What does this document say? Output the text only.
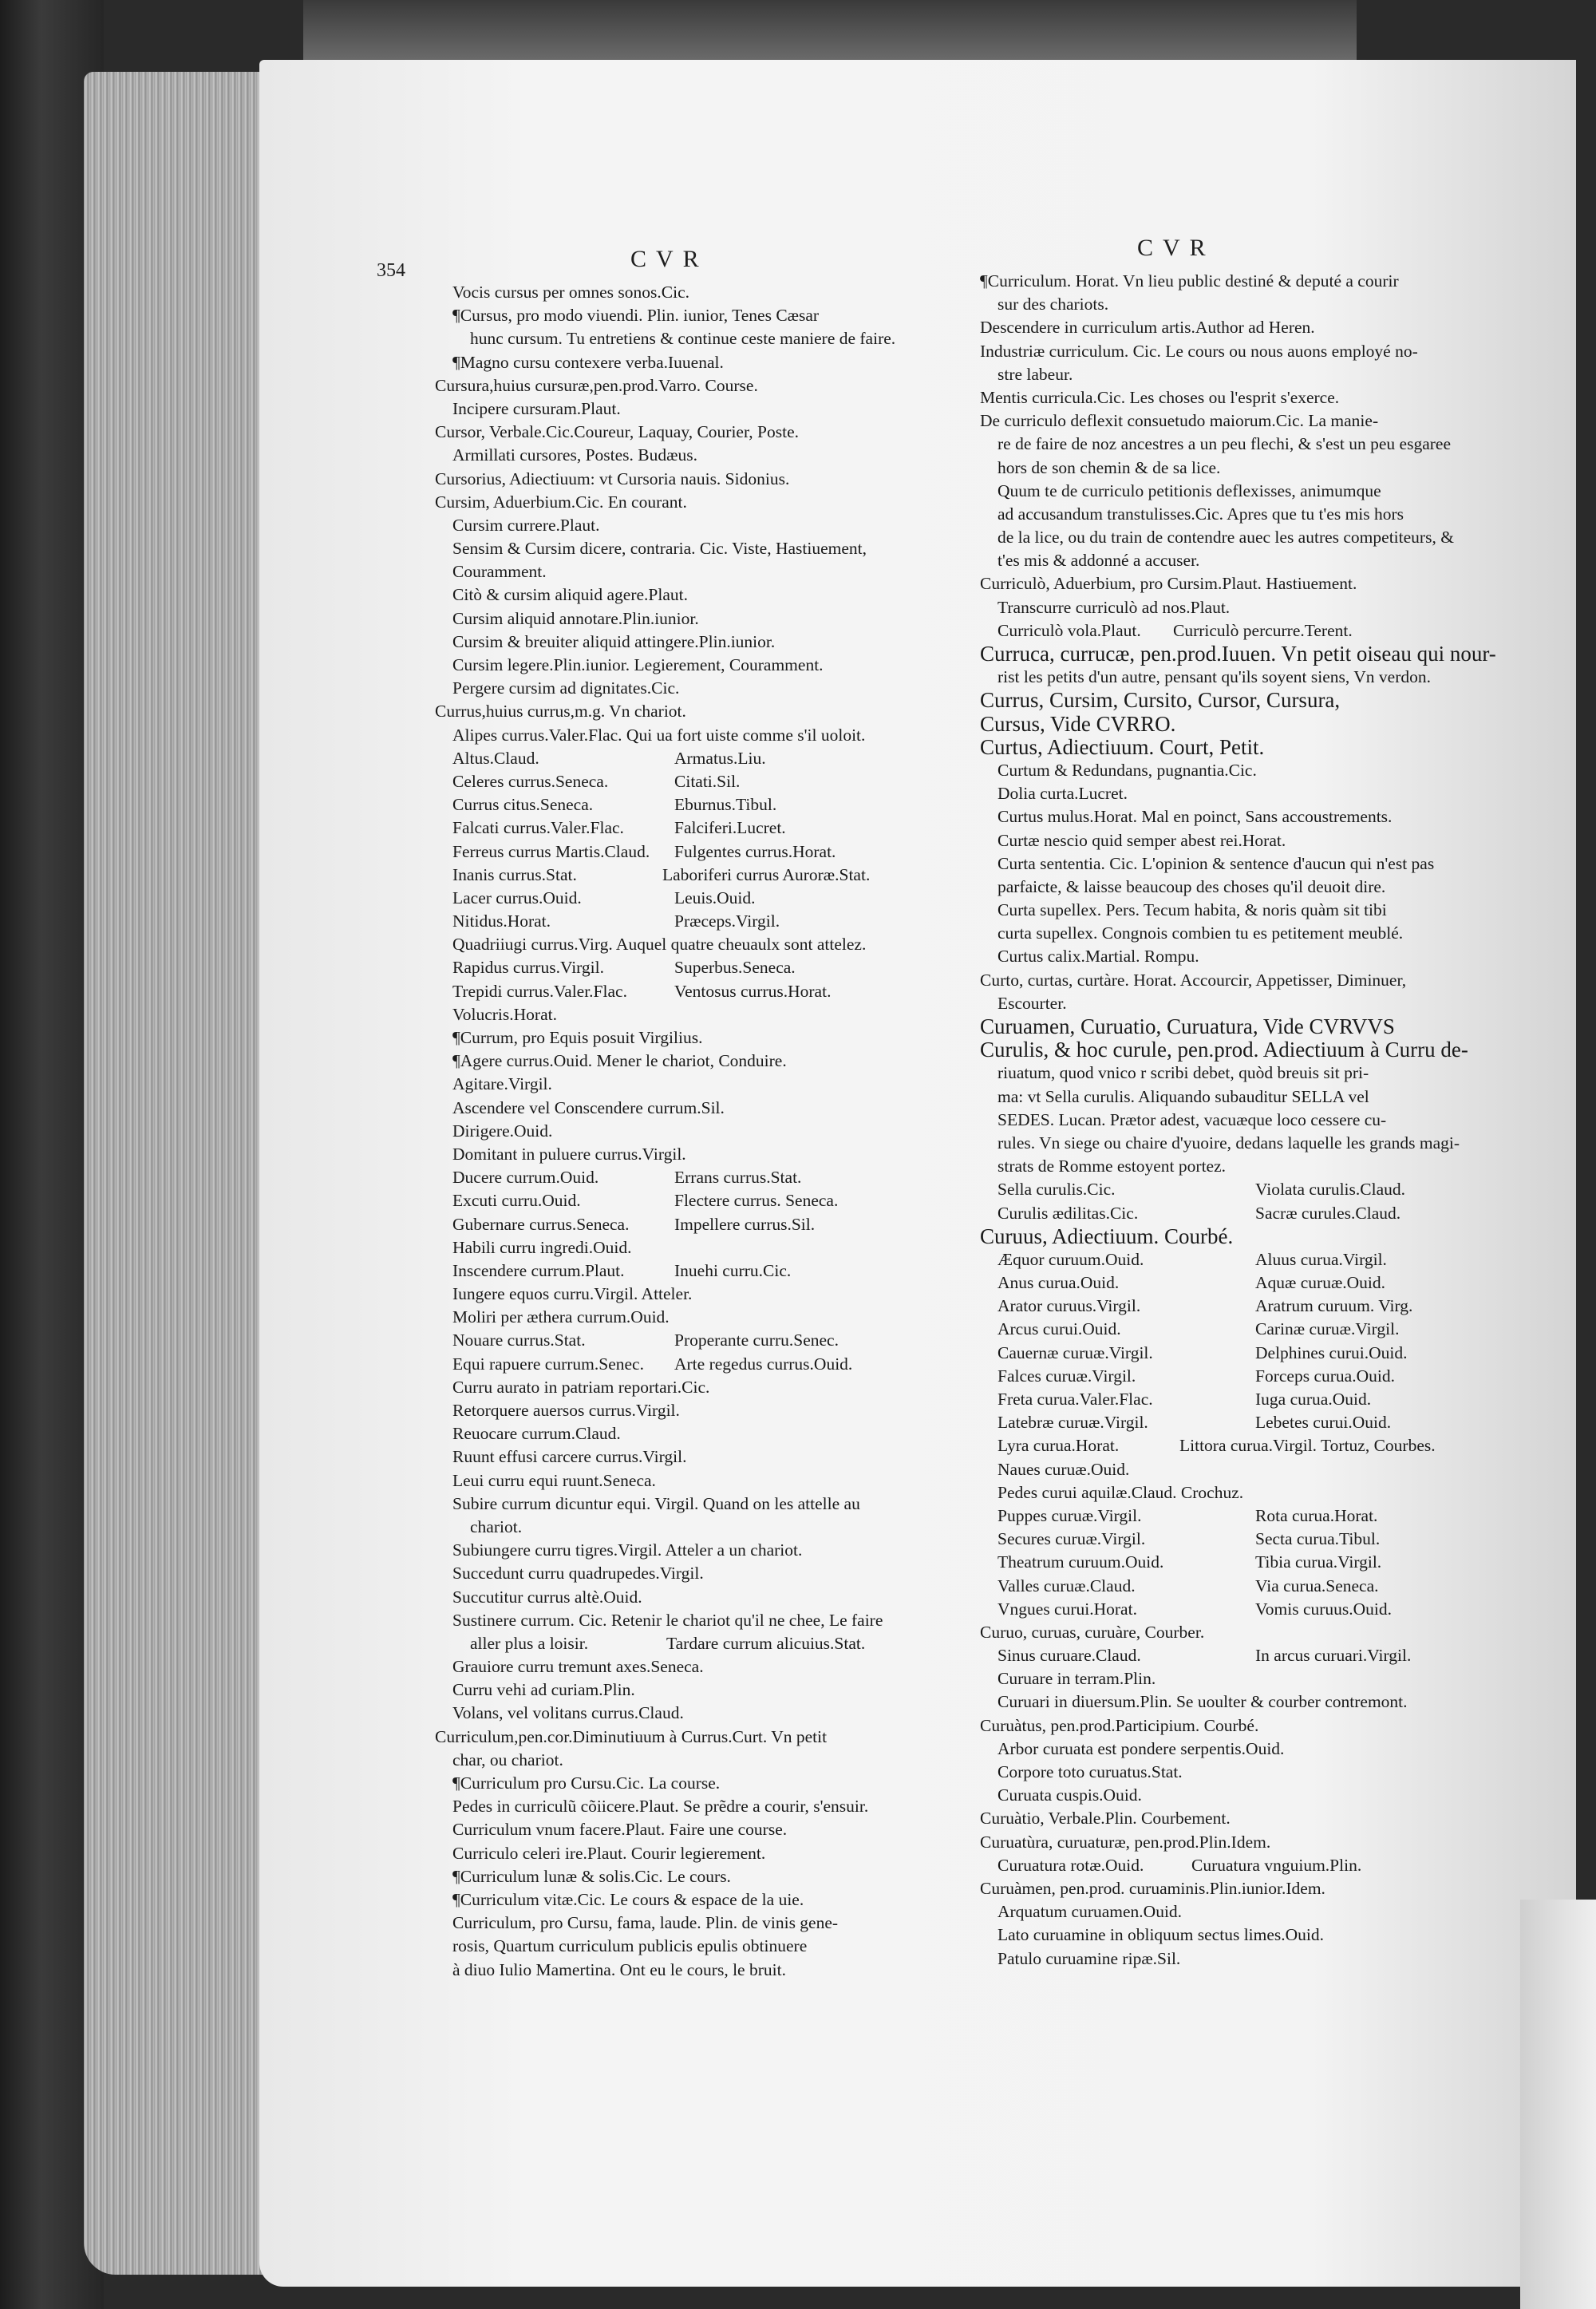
354	CVR	CVR
Vocis cursus per omnes sonos.Cic.
¶Cursus, pro modo viuendi. Plin. iunior, Tenes Cæsar
hunc cursum. Tu entretiens & continue ceste maniere de faire.
¶Magno cursu contexere verba.Iuuenal.
Cursura,huius cursuræ,pen.prod.Varro. Course.
Incipere cursuram.Plaut.
Cursor, Verbale.Cic.Coureur, Laquay, Courier, Poste.
Armillati cursores, Postes. Budæus.
Cursorius, Adiectiuum: vt Cursoria nauis. Sidonius.
Cursim, Aduerbium.Cic. En courant.
Cursim currere.Plaut.
Sensim & Cursim dicere, contraria. Cic. Viste, Hastiuement,
Couramment.
Citò & cursim aliquid agere.Plaut.
Cursim aliquid annotare.Plin.iunior.
Cursim & breuiter aliquid attingere.Plin.iunior.
Cursim legere.Plin.iunior. Legierement, Couramment.
Pergere cursim ad dignitates.Cic.
Currus,huius currus,m.g. Vn chariot.
Alipes currus.Valer.Flac. Qui ua fort uiste comme s'il uoloit.
Altus.Claud.	Armatus.Liu.
Celeres currus.Seneca.	Citati.Sil.
Currus citus.Seneca.	Eburnus.Tibul.
Falcati currus.Valer.Flac.	Falciferi.Lucret.
Ferreus currus Martis.Claud. Fulgentes currus.Horat.
Inanis currus.Stat.	Laboriferi currus Auroræ.Stat.
Lacer currus.Ouid.	Leuis.Ouid.
Nitidus.Horat.	Præceps.Virgil.
Quadriiugi currus.Virg. Auquel quatre cheuaulx sont attelez.
Rapidus currus.Virgil.	Superbus.Seneca.
Trepidi currus.Valer.Flac.	Ventosus currus.Horat.
Volucris.Horat.
¶Currum, pro Equis posuit Virgilius.
¶Agere currus.Ouid. Mener le chariot, Conduire.
Agitare.Virgil.
Ascendere vel Conscendere currum.Sil.
Dirigere.Ouid.
Domitant in puluere currus.Virgil.
Ducere currum.Ouid.	Errans currus.Stat.
Excuti curru.Ouid.	Flectere currus. Seneca.
Gubernare currus.Seneca.	Impellere currus.Sil.
Habili curru ingredi.Ouid.
Inscendere currum.Plaut.	Inuehi curru.Cic.
Iungere equos curru.Virgil. Atteler.
Moliri per æthera currum.Ouid.
Nouare currus.Stat.	Properante curru.Senec.
Equi rapuere currum.Senec. Arte regedus currus.Ouid.
Curru aurato in patriam reportari.Cic.
Retorquere auersos currus.Virgil.
Reuocare currum.Claud.
Ruunt effusi carcere currus.Virgil.
Leui curru equi ruunt.Seneca.
Subire currum dicuntur equi. Virgil. Quand on les attelle au
chariot.
Subiungere curru tigres.Virgil. Atteler a un chariot.
Succedunt curru quadrupedes.Virgil.
Succutitur currus altè.Ouid.
Sustinere currum. Cic. Retenir le chariot qu'il ne chee, Le faire
aller plus a loisir.	Tardare currum alicuius.Stat.
Grauiore curru tremunt axes.Seneca.
Curru vehi ad curiam.Plin.
Volans, vel volitans currus.Claud.
Curriculum,pen.cor.Diminutiuum à Currus.Curt. Vn petit
char, ou chariot.
¶Curriculum pro Cursu.Cic. La course.
Pedes in curriculũ cõiicere.Plaut. Se prẽdre a courir, s'ensuir.
Curriculum vnum facere.Plaut. Faire une course.
Curriculo celeri ire.Plaut. Courir legierement.
¶Curriculum lunæ & solis.Cic. Le cours.
¶Curriculum vitæ.Cic. Le cours & espace de la uie.
Curriculum, pro Cursu, fama, laude. Plin. de vinis gene-
rosis, Quartum curriculum publicis epulis obtinuere
à diuo Iulio Mamertina. Ont eu le cours, le bruit.
¶Curriculum. Horat. Vn lieu public destiné & deputé a courir
sur des chariots.
Descendere in curriculum artis.Author ad Heren.
Industriæ curriculum. Cic. Le cours ou nous auons employé no-
stre labeur.
Mentis curricula.Cic. Les choses ou l'esprit s'exerce.
De curriculo deflexit consuetudo maiorum.Cic. La manie-
re de faire de noz ancestres a un peu flechi, & s'est un peu esgaree
hors de son chemin & de sa lice.
Quum te de curriculo petitionis deflexisses, animumque
ad accusandum transtulisses.Cic. Apres que tu t'es mis hors
de la lice, ou du train de contendre auec les autres competiteurs, &
t'es mis & addonné a accuser.
Curriculò, Aduerbium, pro Cursim.Plaut. Hastiuement.
Transcurre curriculò ad nos.Plaut.
Curriculò vola.Plaut. Curriculò percurre.Terent.
Curruca, currucæ, pen.prod.Iuuen. Vn petit oiseau qui nour-
rist les petits d'un autre, pensant qu'ils soyent siens, Vn verdon.
Currus, Cursim, Cursito, Cursor, Cursura,
Cursus, Vide CVRRO.
Curtus, Adiectiuum. Court, Petit.
Curtum & Redundans, pugnantia.Cic.
Dolia curta.Lucret.
Curtus mulus.Horat. Mal en poinct, Sans accoustrements.
Curtæ nescio quid semper abest rei.Horat.
Curta sententia. Cic. L'opinion & sentence d'aucun qui n'est pas
parfaicte, & laisse beaucoup des choses qu'il deuoit dire.
Curta supellex. Pers. Tecum habita, & noris quàm sit tibi
curta supellex. Congnois combien tu es petitement meublé.
Curtus calix.Martial. Rompu.
Curto, curtas, curtàre. Horat. Accourcir, Appetisser, Diminuer,
Escourter.
Curuamen, Curuatio, Curuatura, Vide CVRVVS
Curulis, & hoc curule, pen.prod. Adiectiuum à Curru de-
riuatum, quod vnico r scribi debet, quòd breuis sit pri-
ma: vt Sella curulis. Aliquando subauditur SELLA vel
SEDES. Lucan. Prætor adest, vacuæque loco cessere cu-
rules. Vn siege ou chaire d'yuoire, dedans laquelle les grands magi-
strats de Romme estoyent portez.
Sella curulis.Cic.	Violata curulis.Claud.
Curulis ædilitas.Cic.	Sacræ curules.Claud.
Curuus, Adiectiuum. Courbé.
Æquor curuum.Ouid.	Aluus curua.Virgil.
Anus curua.Ouid.	Aquæ curuæ.Ouid.
Arator curuus.Virgil.	Aratrum curuum. Virg.
Arcus curui.Ouid.	Carinæ curuæ.Virgil.
Cauernæ curuæ.Virgil.	Delphines curui.Ouid.
Falces curuæ.Virgil.	Forceps curua.Ouid.
Freta curua.Valer.Flac.	Iuga curua.Ouid.
Latebræ curuæ.Virgil.	Lebetes curui.Ouid.
Lyra curua.Horat.	Littora curua.Virgil. Tortuz, Courbes.
Naues curuæ.Ouid.
Pedes curui aquilæ.Claud. Crochuz.
Puppes curuæ.Virgil.	Rota curua.Horat.
Secures curuæ.Virgil.	Secta curua.Tibul.
Theatrum curuum.Ouid.	Tibia curua.Virgil.
Valles curuæ.Claud.	Via curua.Seneca.
Vngues curui.Horat.	Vomis curuus.Ouid.
Curuo, curuas, curuàre, Courber.
Sinus curuare.Claud.	In arcus curuari.Virgil.
Curuare in terram.Plin.
Curuari in diuersum.Plin. Se uoulter & courber contremont.
Curuàtus, pen.prod.Participium. Courbé.
Arbor curuata est pondere serpentis.Ouid.
Corpore toto curuatus.Stat.
Curuata cuspis.Ouid.
Curuàtio, Verbale.Plin. Courbement.
Curuatùra, curuaturæ, pen.prod.Plin.Idem.
Curuatura rotæ.Ouid.	Curuatura vnguium.Plin.
Curuàmen, pen.prod. curuaminis.Plin.iunior.Idem.
Arquatum curuamen.Ouid.
Lato curuamine in obliquum sectus limes.Ouid.
Patulo curuamine ripæ.Sil.
